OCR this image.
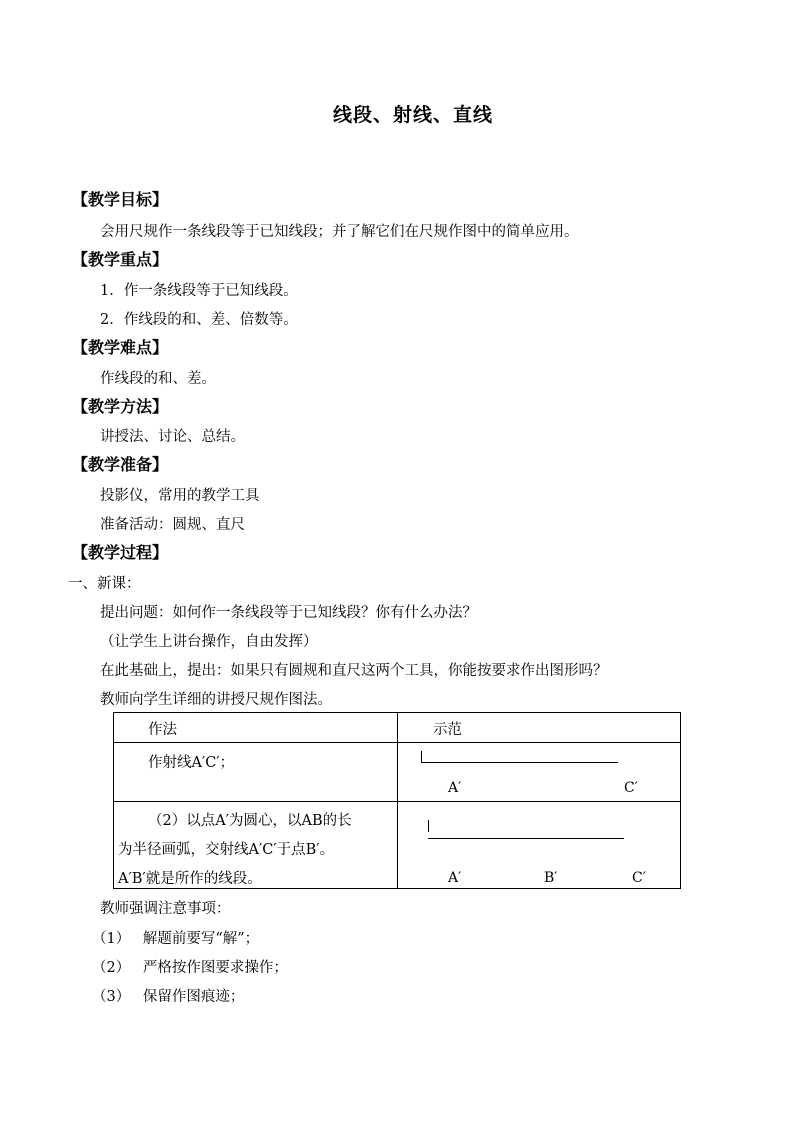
线段、射线、直线
【教学目标】
会用尺规作一条线段等于已知线段；并了解它们在尺规作图中的简单应用。
【教学重点】
1．作一条线段等于已知线段。
2．作线段的和、差、倍数等。
【教学难点】
作线段的和、差。
【教学方法】
讲授法、讨论、总结。
【教学准备】
投影仪，常用的教学工具
准备活动：圆规、直尺
【教学过程】
一、新课：
提出问题：如何作一条线段等于已知线段？你有什么办法？
（让学生上讲台操作，自由发挥）
在此基础上，提出：如果只有圆规和直尺这两个工具，你能按要求作出图形吗？
教师向学生详细的讲授尺规作图法。
作法	示范

作射线A′C′；	A′ C′

（2）以点A′为圆心，以AB的长
为半径画弧，交射线A′C′于点B′。
A′B′就是所作的线段。	A′ B′ C′
教师强调注意事项：
（1） 解题前要写“解”；
（2） 严格按作图要求操作；
（3） 保留作图痕迹；
